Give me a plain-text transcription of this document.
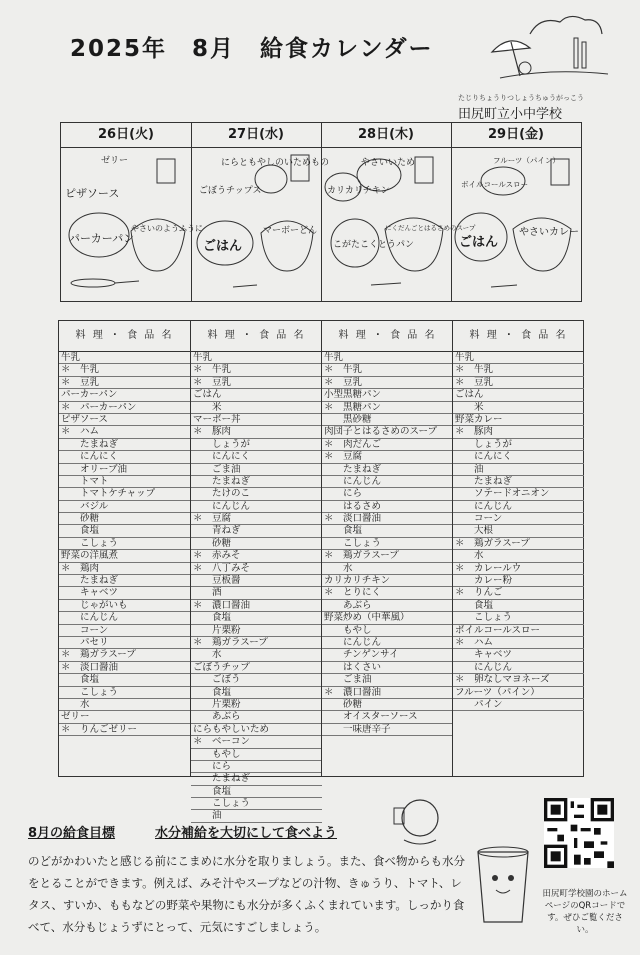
2025年　8月　給食カレンダー
たじりちょうりつしょうちゅうがっこう
田尻町立小中学校
26日(火)	27日(水)	28日(木)	29日(金)
ゼリー
ピザソース
パーカーパン
やさいのようふうに
にらともやしのいためもの
ごぼうチップス
ごはん
マーボーどん
やさいいため
カリカリチキン
こがたこくとうパン
にくだんごとはるさめのスープ
フルーツ（パイン）
ボイルコールスロー
ごはん
やさいカレー
料 理 ・ 食 品 名
牛乳
＊　牛乳
＊　豆乳
パーカーパン
＊　パーカーパン
ピザソース
＊　ハム
　　たまねぎ
　　にんにく
　　オリーブ油
　　トマト
　　トマトケチャップ
　　バジル
　　砂糖
　　食塩
　　こしょう
野菜の洋風煮
＊　鶏肉
　　たまねぎ
　　キャベツ
　　じゃがいも
　　にんじん
　　コーン
　　パセリ
＊　鶏ガラスープ
＊　淡口醤油
　　食塩
　　こしょう
　　水
ゼリー
＊　りんごゼリー
料 理 ・ 食 品 名
牛乳
＊　牛乳
＊　豆乳
ごはん
　　米
マーボー丼
＊　豚肉
　　しょうが
　　にんにく
　　ごま油
　　たまねぎ
　　たけのこ
　　にんじん
＊　豆腐
　　青ねぎ
　　砂糖
＊　赤みそ
＊　八丁みそ
　　豆板醤
　　酒
＊　濃口醤油
　　食塩
　　片栗粉
＊　鶏ガラスープ
　　水
ごぼうチップ
　　ごぼう
　　食塩
　　片栗粉
　　あぶら
にらもやしいため
＊　ベーコン
　　もやし
　　にら
　　たまねぎ
　　食塩
　　こしょう
　　油
料 理 ・ 食 品 名
牛乳
＊　牛乳
＊　豆乳
小型黒糖パン
＊　黒糖パン
　　黒砂糖
肉団子とはるさめのスープ
＊　肉だんご
＊　豆腐
　　たまねぎ
　　にんじん
　　にら
　　はるさめ
＊　淡口醤油
　　食塩
　　こしょう
＊　鶏ガラスープ
　　水
カリカリチキン
＊　とりにく
　　あぶら
野菜炒め（中華風）
　　もやし
　　にんじん
　　チンゲンサイ
　　はくさい
　　ごま油
＊　濃口醤油
　　砂糖
　　オイスターソース
　　一味唐辛子
料 理 ・ 食 品 名
牛乳
＊　牛乳
＊　豆乳
ごはん
　　米
野菜カレー
＊　豚肉
　　しょうが
　　にんにく
　　油
　　たまねぎ
　　ソテードオニオン
　　にんじん
　　コーン
　　大根
＊　鶏ガラスープ
　　水
＊　カレールウ
　　カレー粉
＊　りんご
　　食塩
　　こしょう
ボイルコールスロー
＊　ハム
　　キャベツ
　　にんじん
＊　卵なしマヨネーズ
フルーツ（パイン）
　　パイン
8月の給食目標	水分補給を大切にして食べよう
のどがかわいたと感じる前にこまめに水分を取りましょう。また、食べ物からも水分をとることができます。例えば、みそ汁やスープなどの汁物、きゅうり、トマト、レタス、すいか、ももなどの野菜や果物にも水分が多くふくまれています。しっかり食べて、水分もじょうずにとって、元気にすごしましょう。
田尻町学校園のホームページのQRコードです。ぜひご覧ください。
